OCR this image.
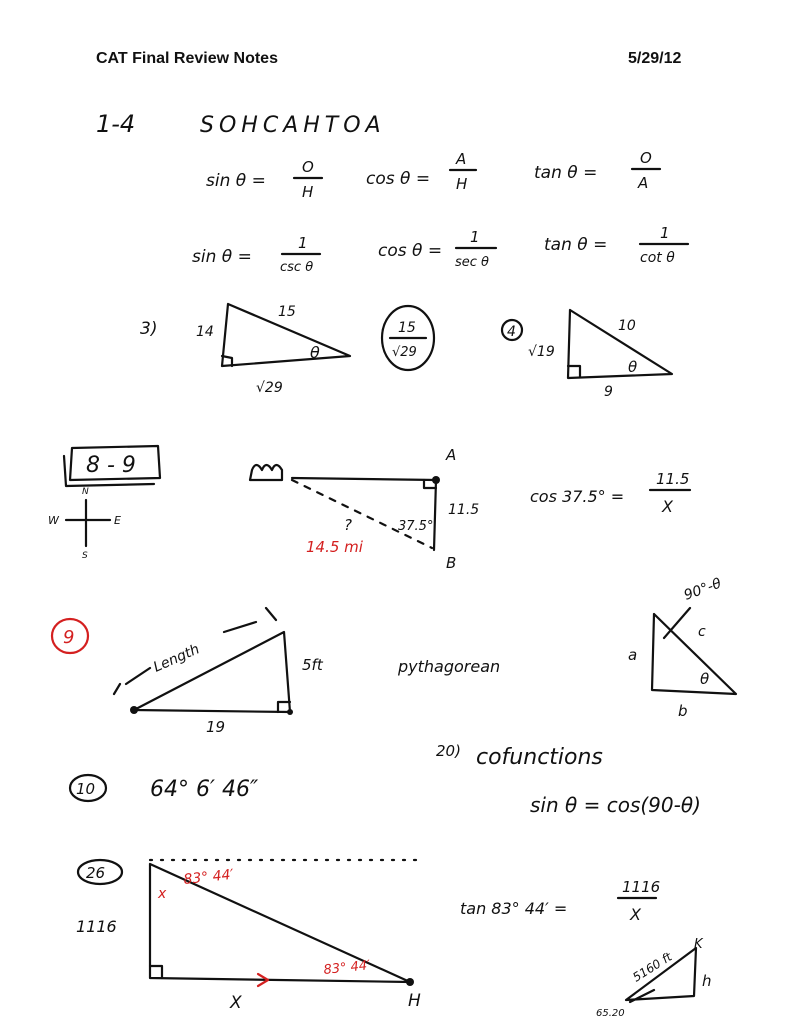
CAT Final Review Notes	5/29/12
1-4	SOHCAHTOA
sin θ =
O
H
cos θ =
A
H
tan θ =
O
A
sin θ =
1
csc θ
cos θ =
1
sec θ
tan θ =
1
cot θ
3)	14
15
√29
θ
15
√29
4
√19
10
9
θ
8 - 9
N
W	E
S
A
B
11.5
37.5°
?
14.5 mi
cos 37.5° =
11.5
X
9
Length	5ft
19
pythagorean
90°-θ
a
c
b
θ
10 64° 6′ 46″
20) cofunctions
sin θ = cos(90-θ)
26
1116
X	H
83° 44′
83° 44′
x
tan 83° 44′ =
1116
X
5160 ft
K
h
65.20
